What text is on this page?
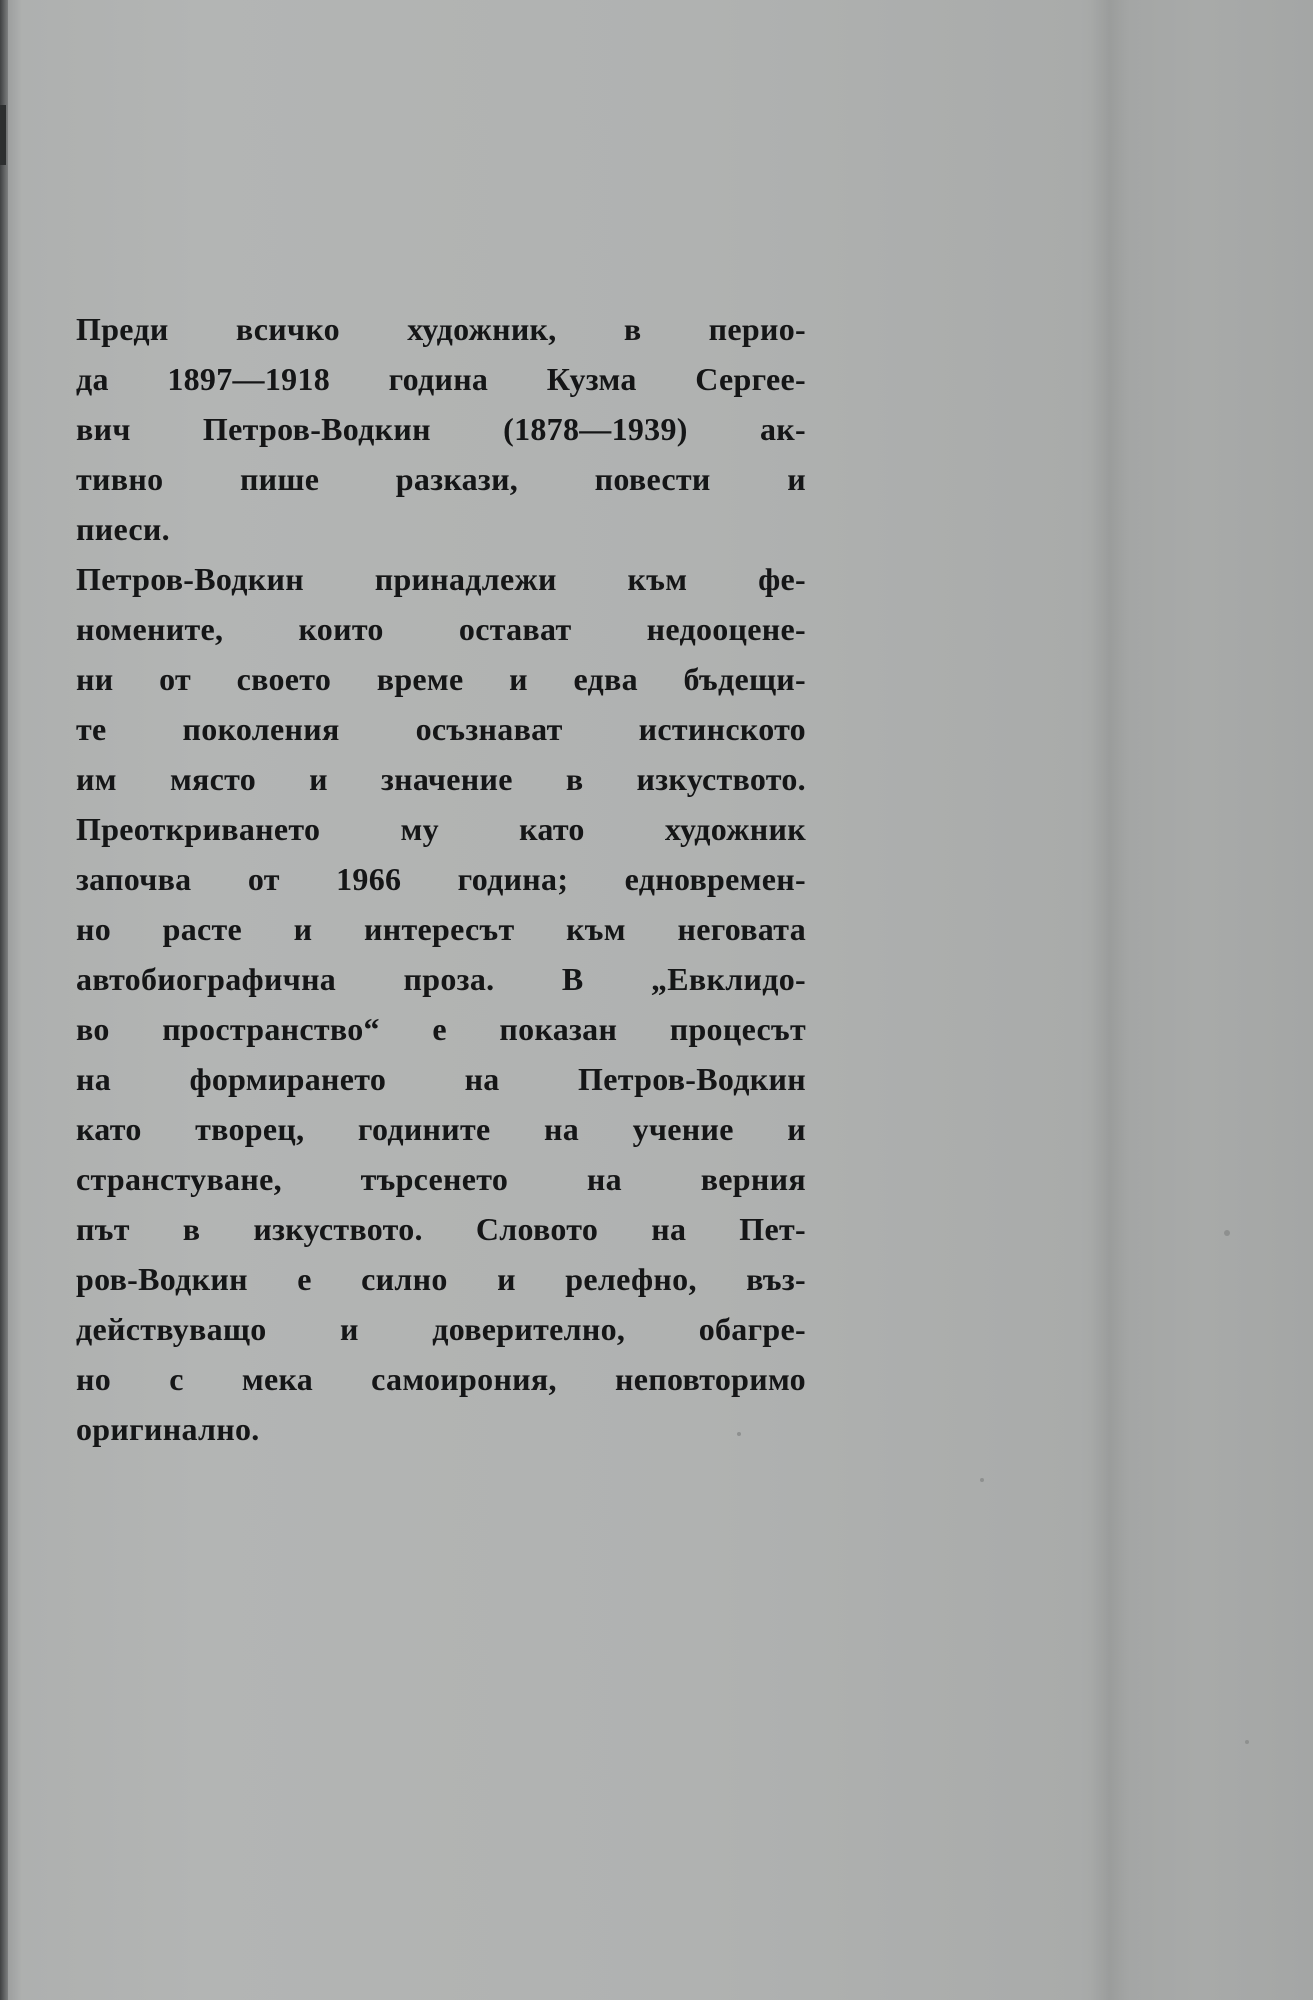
Преди всичко художник, в перио-
да 1897—1918 година Кузма Сергее-
вич Петров-Водкин (1878—1939) ак-
тивно пише разкази, повести и
пиеси.
Петров-Водкин принадлежи към фе-
номените, които остават недооцене-
ни от своето време и едва бъдещи-
те поколения осъзнават истинското
им място и значение в изкуството.
Преоткриването	му	като	художник
започва от 1966 година; едновремен-
но расте и интересът към неговата
автобиографична проза. В „Евклидо-
во пространство“ е показан процесът
на формирането на Петров-Водкин
като творец, годините на учение и
странстуване, търсенето на верния
път в изкуството. Словото на Пет-
ров-Водкин е силно и релефно, въз-
действуващо и доверително, обагре-
но с мека самоирония, неповторимо
оригинално.
